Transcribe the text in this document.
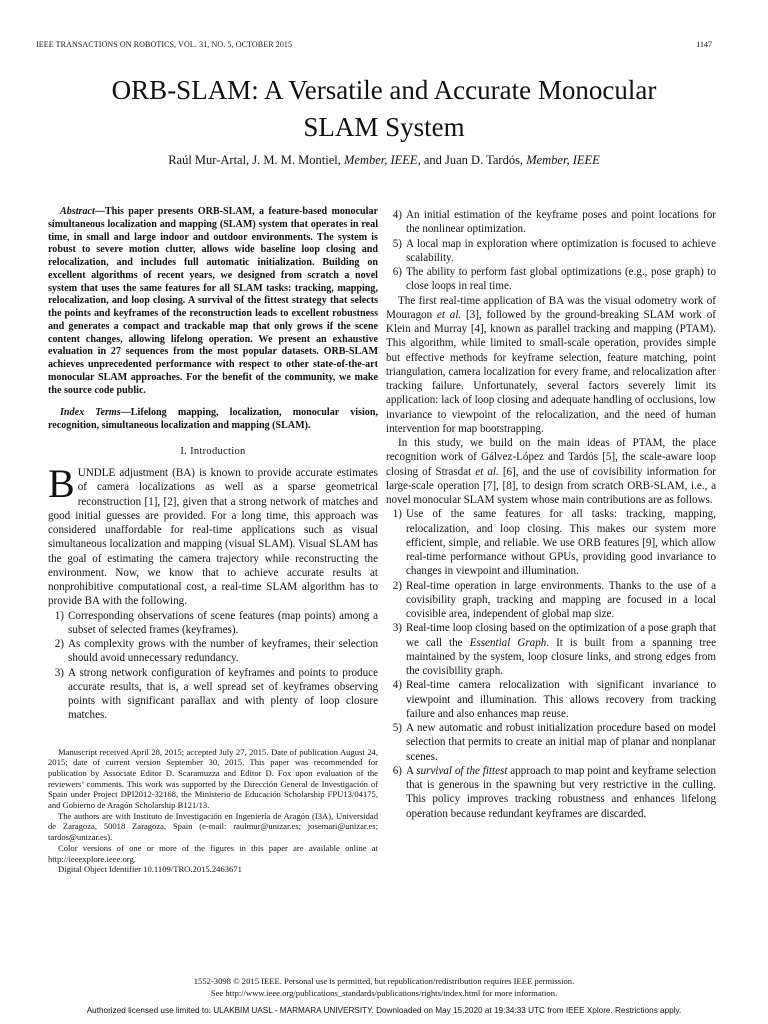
IEEE TRANSACTIONS ON ROBOTICS, VOL. 31, NO. 5, OCTOBER 2015	1147
ORB-SLAM: A Versatile and Accurate Monocular
SLAM System
Raúl Mur-Artal, J. M. M. Montiel, Member, IEEE, and Juan D. Tardós, Member, IEEE

Abstract—This paper presents ORB-SLAM, a feature-based monocular simultaneous localization and mapping (SLAM) system that operates in real time, in small and large indoor and outdoor environments. The system is robust to severe motion clutter, allows wide baseline loop closing and relocalization, and includes full automatic initialization. Building on excellent algorithms of recent years, we designed from scratch a novel system that uses the same features for all SLAM tasks: tracking, mapping, relocalization, and loop closing. A survival of the fittest strategy that selects the points and keyframes of the reconstruction leads to excellent robustness and generates a compact and trackable map that only grows if the scene content changes, allowing lifelong operation. We present an exhaustive evaluation in 27 sequences from the most popular datasets. ORB-SLAM achieves unprecedented performance with respect to other state-of-the-art monocular SLAM approaches. For the benefit of the community, we make the source code public.

Index Terms—Lifelong mapping, localization, monocular vision, recognition, simultaneous localization and mapping (SLAM).

I. Introduction

BUNDLE adjustment (BA) is known to provide accurate estimates of camera localizations as well as a sparse geometrical reconstruction [1], [2], given that a strong network of matches and good initial guesses are provided. For a long time, this approach was considered unaffordable for real-time applications such as visual simultaneous localization and mapping (visual SLAM). Visual SLAM has the goal of estimating the camera trajectory while reconstructing the environment. Now, we know that to achieve accurate results at nonprohibitive computational cost, a real-time SLAM algorithm has to provide BA with the following.

1) Corresponding observations of scene features (map points) among a subset of selected frames (keyframes).
2) As complexity grows with the number of keyframes, their selection should avoid unnecessary redundancy.
3) A strong network configuration of keyframes and points to produce accurate results, that is, a well spread set of keyframes observing points with significant parallax and with plenty of loop closure matches.

Manuscript received April 28, 2015; accepted July 27, 2015. Date of publication August 24, 2015; date of current version September 30, 2015. This paper was recommended for publication by Associate Editor D. Scaramuzza and Editor D. Fox upon evaluation of the reviewers’ comments. This work was supported by the Dirección General de Investigación of Spain under Project DPI2012-32168, the Ministerio de Educación Scholarship FPU13/04175, and Gobierno de Aragón Scholarship B121/13.

The authors are with Instituto de Investigación en Ingeniería de Aragón (I3A), Universidad de Zaragoza, 50018 Zaragoza, Spain (e-mail: raulmur@unizar.es; josemari@unizar.es; tardos@unizar.es).

Color versions of one or more of the figures in this paper are available online at http://ieeexplore.ieee.org.

Digital Object Identifier 10.1109/TRO.2015.2463671

4) An initial estimation of the keyframe poses and point locations for the nonlinear optimization.
5) A local map in exploration where optimization is focused to achieve scalability.
6) The ability to perform fast global optimizations (e.g., pose graph) to close loops in real time.

The first real-time application of BA was the visual odometry work of Mouragon et al. [3], followed by the ground-breaking SLAM work of Klein and Murray [4], known as parallel tracking and mapping (PTAM). This algorithm, while limited to small-scale operation, provides simple but effective methods for keyframe selection, feature matching, point triangulation, camera localization for every frame, and relocalization after tracking failure. Unfortunately, several factors severely limit its application: lack of loop closing and adequate handling of occlusions, low invariance to viewpoint of the relocalization, and the need of human intervention for map bootstrapping.

In this study, we build on the main ideas of PTAM, the place recognition work of Gálvez-López and Tardós [5], the scale-aware loop closing of Strasdat et al. [6], and the use of covisibility information for large-scale operation [7], [8], to design from scratch ORB-SLAM, i.e., a novel monocular SLAM system whose main contributions are as follows.

1) Use of the same features for all tasks: tracking, mapping, relocalization, and loop closing. This makes our system more efficient, simple, and reliable. We use ORB features [9], which allow real-time performance without GPUs, providing good invariance to changes in viewpoint and illumination.
2) Real-time operation in large environments. Thanks to the use of a covisibility graph, tracking and mapping are focused in a local covisible area, independent of global map size.
3) Real-time loop closing based on the optimization of a pose graph that we call the Essential Graph. It is built from a spanning tree maintained by the system, loop closure links, and strong edges from the covisibility graph.
4) Real-time camera relocalization with significant invariance to viewpoint and illumination. This allows recovery from tracking failure and also enhances map reuse.
5) A new automatic and robust initialization procedure based on model selection that permits to create an initial map of planar and nonplanar scenes.
6) A survival of the fittest approach to map point and keyframe selection that is generous in the spawning but very restrictive in the culling. This policy improves tracking robustness and enhances lifelong operation because redundant keyframes are discarded.
1552-3098 © 2015 IEEE. Personal use is permitted, but republication/redistribution requires IEEE permission.
See http://www.ieee.org/publications_standards/publications/rights/index.html for more information.
Authorized licensed use limited to: ULAKBIM UASL - MARMARA UNIVERSITY. Downloaded on May 15,2020 at 19:34:33 UTC from IEEE Xplore. Restrictions apply.
